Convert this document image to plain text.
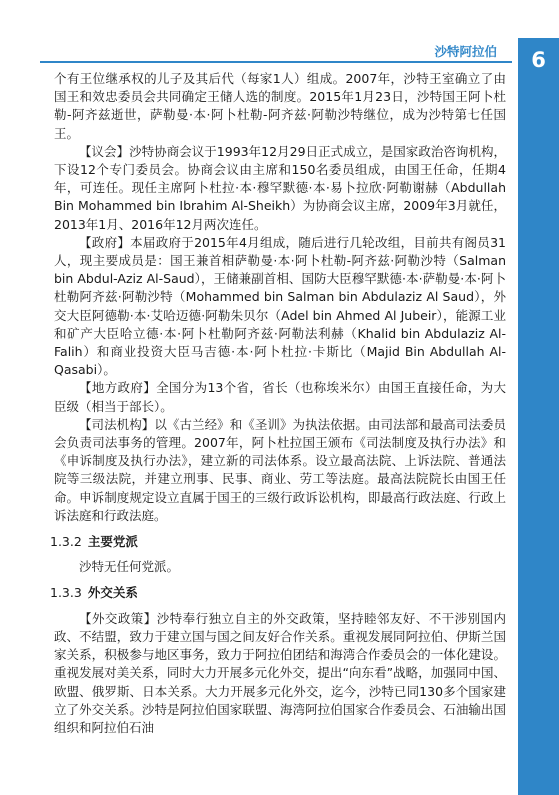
6
沙特阿拉伯

个有王位继承权的儿子及其后代（每家1人）组成。2007年，沙特王室确立了由国王和效忠委员会共同确定王储人选的制度。2015年1月23日，沙特国王阿卜杜勒-阿齐兹逝世，萨勒曼·本·阿卜杜勒-阿齐兹·阿勒沙特继位，成为沙特第七任国王。

【议会】沙特协商会议于1993年12月29日正式成立，是国家政治咨询机构，下设12个专门委员会。协商会议由主席和150名委员组成，由国王任命，任期4年，可连任。现任主席阿卜杜拉·本·穆罕默德·本·易卜拉欣·阿勒谢赫（Abdullah Bin Mohammed bin Ibrahim Al-Sheikh）为协商会议主席，2009年3月就任，2013年1月、2016年12月两次连任。

【政府】本届政府于2015年4月组成，随后进行几轮改组，目前共有阁员31人，现主要成员是：国王兼首相萨勒曼·本·阿卜杜勒-阿齐兹·阿勒沙特（Salman bin Abdul-Aziz Al-Saud），王储兼副首相、国防大臣穆罕默德·本·萨勒曼·本·阿卜杜勒阿齐兹·阿勒沙特（Mohammed bin Salman bin Abdulaziz Al Saud），外交大臣阿德勒·本·艾哈迈德·阿勒朱贝尔（Adel bin Ahmed Al Jubeir），能源工业和矿产大臣哈立德·本·阿卜杜勒阿齐兹·阿勒法利赫（Khalid bin Abdulaziz Al-Falih）和商业投资大臣马吉德·本·阿卜杜拉·卡斯比（Majid Bin Abdullah Al-Qasabi）。

【地方政府】全国分为13个省，省长（也称埃米尔）由国王直接任命，为大臣级（相当于部长）。

【司法机构】以《古兰经》和《圣训》为执法依据。由司法部和最高司法委员会负责司法事务的管理。2007年，阿卜杜拉国王颁布《司法制度及执行办法》和《申诉制度及执行办法》，建立新的司法体系。设立最高法院、上诉法院、普通法院等三级法院，并建立刑事、民事、商业、劳工等法庭。最高法院院长由国王任命。申诉制度规定设立直属于国王的三级行政诉讼机构，即最高行政法庭、行政上诉法庭和行政法庭。

1.3.2 主要党派

沙特无任何党派。

1.3.3 外交关系

【外交政策】沙特奉行独立自主的外交政策，坚持睦邻友好、不干涉别国内政、不结盟，致力于建立国与国之间友好合作关系。重视发展同阿拉伯、伊斯兰国家关系，积极参与地区事务，致力于阿拉伯团结和海湾合作委员会的一体化建设。重视发展对美关系，同时大力开展多元化外交，提出“向东看”战略，加强同中国、欧盟、俄罗斯、日本关系。大力开展多元化外交，迄今，沙特已同130多个国家建立了外交关系。沙特是阿拉伯国家联盟、海湾阿拉伯国家合作委员会、石油输出国组织和阿拉伯石油
